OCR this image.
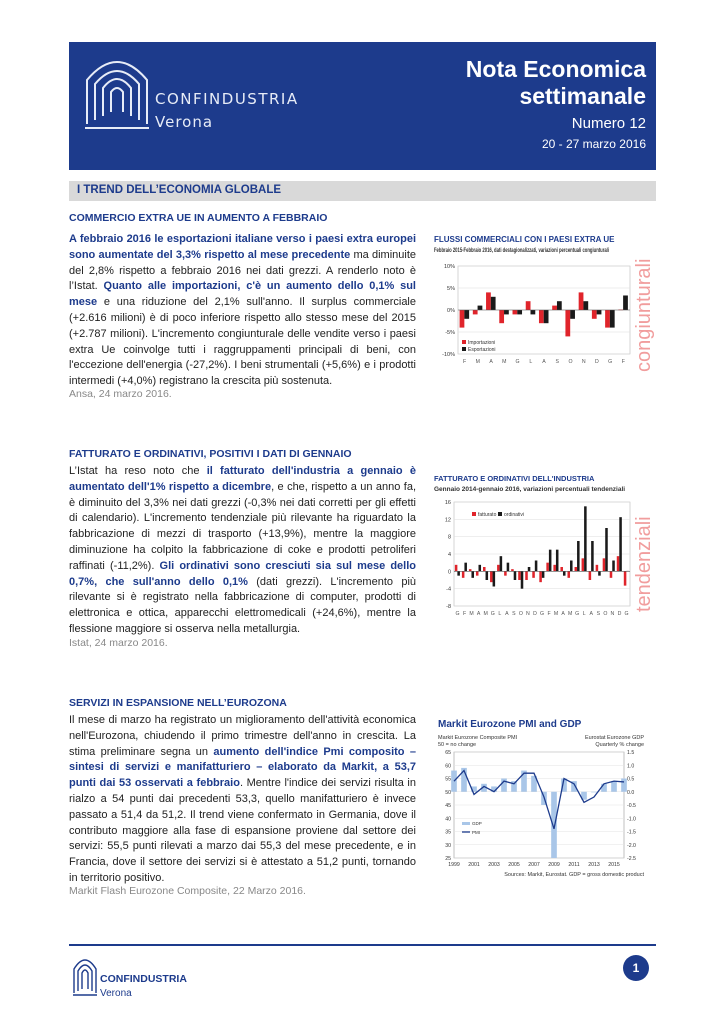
CONFINDUSTRIA
Verona
Nota Economica
settimanale
Numero 12
20 - 27 marzo 2016
I TREND DELL’ECONOMIA GLOBALE
COMMERCIO EXTRA UE IN AUMENTO A FEBBRAIO
A febbraio 2016 le esportazioni italiane verso i paesi extra europei sono aumentate del 3,3% rispetto al mese precedente ma diminuite del 2,8% rispetto a febbraio 2016 nei dati grezzi. A renderlo noto è l’Istat. Quanto alle importazioni, c'è un aumento dello 0,1% sul mese e una riduzione del 2,1% sull'anno. Il surplus commerciale (+2.616 milioni) è di poco inferiore rispetto allo stesso mese del 2015 (+2.787 milioni). L'incremento congiunturale delle vendite verso i paesi extra Ue coinvolge tutti i raggruppamenti principali di beni, con l'eccezione dell'energia (-27,2%). I beni strumentali (+5,6%) e i prodotti intermedi (+4,0%) registrano la crescita più sostenuta.
Ansa, 24 marzo 2016.
FLUSSI COMMERCIALI CON I PAESI EXTRA UE
Febbraio 2015-Febbraio 2016, dati destagionalizzati, variazioni percentuali congiunturali
congiunturali
10%
5%
0%
-5%
-10%
F M A M G L A S O N D G F
Importazioni
Esportazioni
FATTURATO E ORDINATIVI, POSITIVI I DATI DI GENNAIO
L’Istat ha reso noto che il fatturato dell'industria a gennaio è aumentato dell'1% rispetto a dicembre, e che, rispetto a un anno fa, è diminuito del 3,3% nei dati grezzi (-0,3% nei dati corretti per gli effetti di calendario). L'incremento tendenziale più rilevante ha riguardato la fabbricazione di mezzi di trasporto (+13,9%), mentre la maggiore diminuzione ha colpito la fabbricazione di coke e prodotti petroliferi raffinati (-11,2%). Gli ordinativi sono cresciuti sia sul mese dello 0,7%, che sull'anno dello 0,1% (dati grezzi). L'incremento più rilevante si è registrato nella fabbricazione di computer, prodotti di elettronica e ottica, apparecchi elettromedicali (+24,6%), mentre la flessione maggiore si osserva nella metallurgia.
Istat, 24 marzo 2016.
FATTURATO E ORDINATIVI DELL'INDUSTRIA
Gennaio 2014-gennaio 2016, variazioni percentuali tendenziali
tendenziali
16
12
8
4
0
-4
-8
G F M A M G L A S O N D G F M A M G L A S O N D G
fatturato ordinativi
SERVIZI IN ESPANSIONE NELL’EUROZONA
Il mese di marzo ha registrato un miglioramento dell'attività economica nell'Eurozona, chiudendo il primo trimestre dell'anno in crescita. La stima preliminare segna un aumento dell'indice Pmi composito – sintesi di servizi e manifatturiero – elaborato da Markit, a 53,7 punti dai 53 osservati a febbraio. Mentre l'indice dei servizi risulta in rialzo a 54 punti dai precedenti 53,3, quello manifatturiero è invece passato a 51,4 da 51,2. Il trend viene confermato in Germania, dove il contributo maggiore alla fase di espansione proviene dal settore dei servizi: 55,5 punti rilevati a marzo dai 55,3 del mese precedente, e in Francia, dove il settore dei servizi si è attestato a 51,2 punti, tornando in territorio positivo.
Markit Flash Eurozone Composite, 22 Marzo 2016.
Markit Eurozone PMI and GDP
Markit Eurozone Composite PMI
50 = no change
Eurostat Eurozone GDP
Quarterly % change
Sources: Markit, Eurostat. GDP = gross domestic product
65
60
55
50
45
40
35
30
25
1.5
1.0
0.5
0.0
-0.5
-1.0
-1.5
-2.0
-2.5
1999 2001 2003 2005 2007 2009 2011 2013 2015
GDP
PMI
CONFINDUSTRIA
Verona
1
